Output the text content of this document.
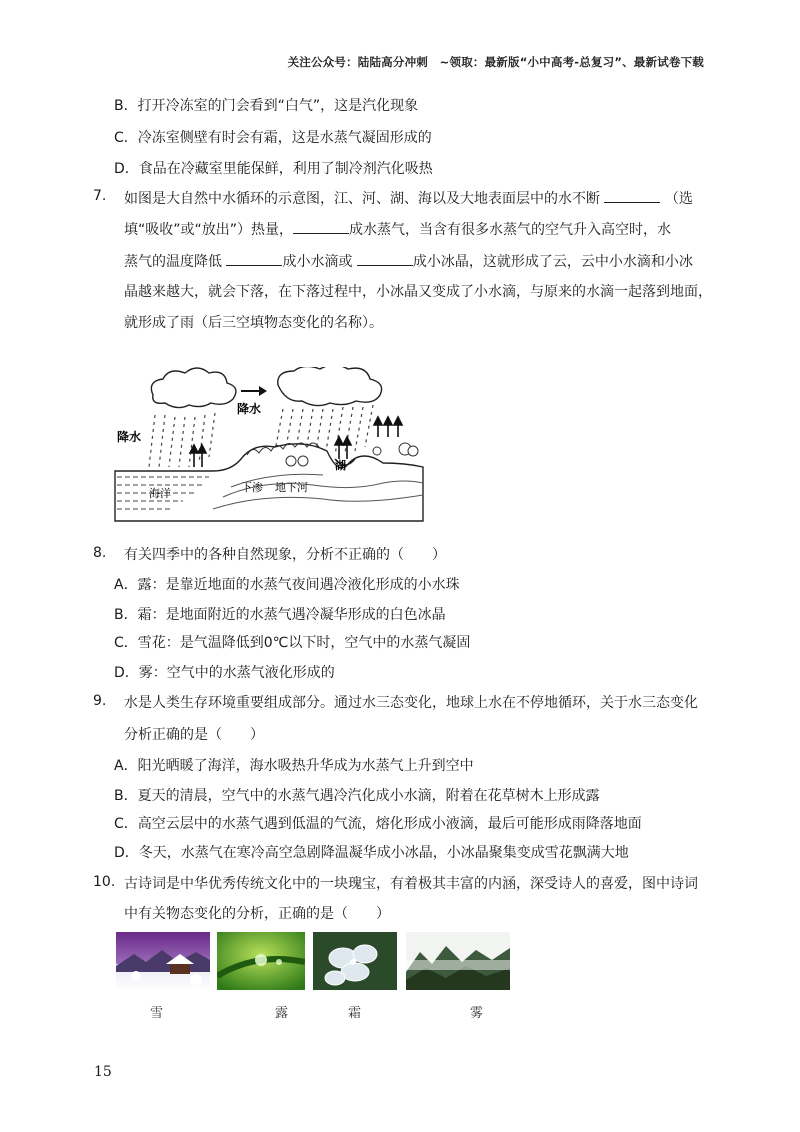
关注公众号：陆陆高分冲刺　~领取：最新版“小中高考-总复习”、最新试卷下载
B．打开冷冻室的门会看到“白气”，这是汽化现象
C．冷冻室侧壁有时会有霜，这是水蒸气凝固形成的
D．食品在冷藏室里能保鲜，利用了制冷剂汽化吸热
7. 如图是大自然中水循环的示意图，江、河、湖、海以及大地表面层中的水不断	（选
填“吸收”或“放出”）热量，	成水蒸气，当含有很多水蒸气的空气升入高空时，水
蒸气的温度降低	成小水滴或	成小冰晶，这就形成了云，云中小水滴和小冰
晶越来越大，就会下落，在下落过程中，小冰晶又变成了小水滴，与原来的水滴一起落到地面，
就形成了雨（后三空填物态变化的名称）。
降水
降水
海洋
湖
下渗 地下河
8. 有关四季中的各种自然现象，分析不正确的（　　）
A．露：是靠近地面的水蒸气夜间遇冷液化形成的小水珠
B．霜：是地面附近的水蒸气遇冷凝华形成的白色冰晶
C．雪花：是气温降低到0℃以下时，空气中的水蒸气凝固
D．雾：空气中的水蒸气液化形成的
9. 水是人类生存环境重要组成部分。通过水三态变化，地球上水在不停地循环，关于水三态变化
分析正确的是（　　）
A．阳光晒暖了海洋，海水吸热升华成为水蒸气上升到空中
B．夏天的清晨，空气中的水蒸气遇冷汽化成小水滴，附着在花草树木上形成露
C．高空云层中的水蒸气遇到低温的气流，熔化形成小液滴，最后可能形成雨降落地面
D．冬天，水蒸气在寒冷高空急剧降温凝华成小冰晶，小冰晶聚集变成雪花飘满大地
10. 古诗词是中华优秀传统文化中的一块瑰宝，有着极其丰富的内涵，深受诗人的喜爱，图中诗词
中有关物态变化的分析，正确的是（　　）
雪	露	霜	雾
15
